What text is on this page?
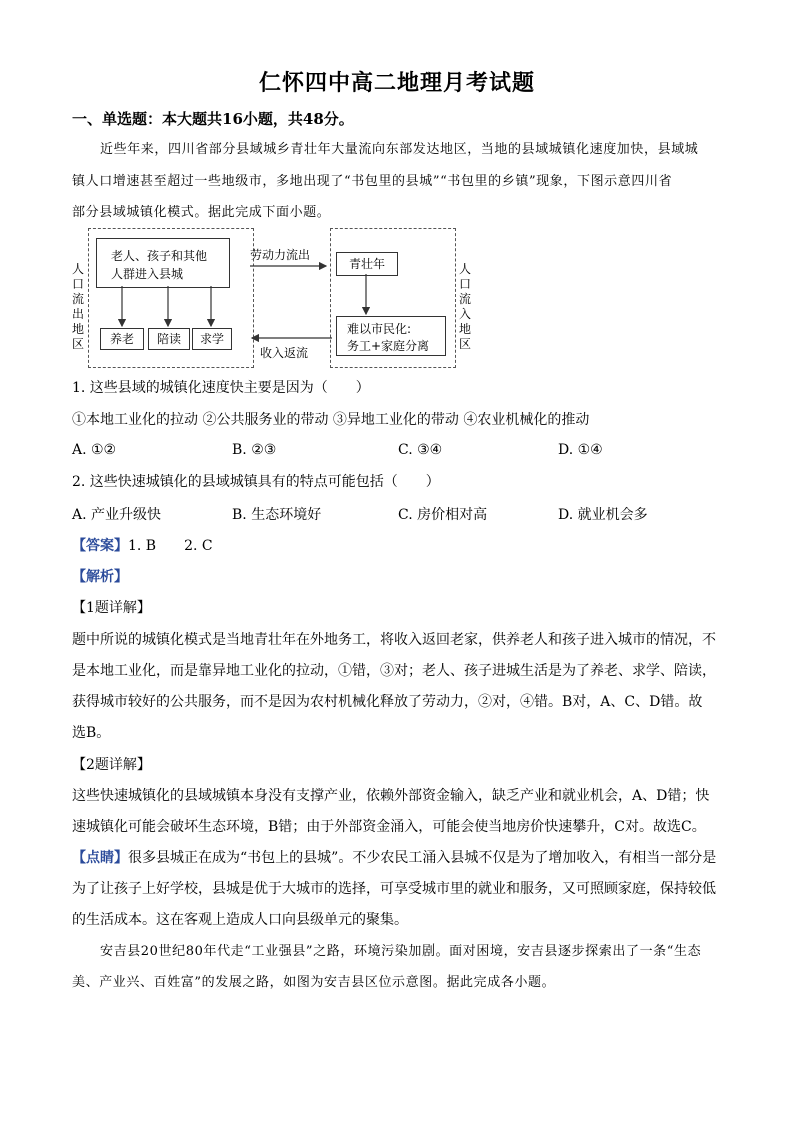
仁怀四中高二地理月考试题
一、单选题：本大题共16小题，共48分。
近些年来，四川省部分县域城乡青壮年大量流向东部发达地区，当地的县域城镇化速度加快，县域城
镇人口增速甚至超过一些地级市，多地出现了“书包里的县城”“书包里的乡镇”现象，下图示意四川省
部分县域城镇化模式。据此完成下面小题。
人
口
流
出
地
区
人
口
流
入
地
区
老人、孩子和其他
人群进入县城
养老	陪读	求学
青壮年
难以市民化:
务工+家庭分离
劳动力流出
收入返流
1. 这些县域的城镇化速度快主要是因为（　　）
①本地工业化的拉动 ②公共服务业的带动 ③异地工业化的带动 ④农业机械化的推动
A. ①②	B. ②③	C. ③④	D. ①④
2. 这些快速城镇化的县域城镇具有的特点可能包括（　　）
A. 产业升级快	B. 生态环境好	C. 房价相对高	D. 就业机会多
【答案】1. B　　2. C
【解析】
【1题详解】
题中所说的城镇化模式是当地青壮年在外地务工，将收入返回老家，供养老人和孩子进入城市的情况，不
是本地工业化，而是靠异地工业化的拉动，①错，③对；老人、孩子进城生活是为了养老、求学、陪读，
获得城市较好的公共服务，而不是因为农村机械化释放了劳动力，②对，④错。B对，A、C、D错。故
选B。
【2题详解】
这些快速城镇化的县域城镇本身没有支撑产业，依赖外部资金输入，缺乏产业和就业机会，A、D错；快
速城镇化可能会破坏生态环境，B错；由于外部资金涌入，可能会使当地房价快速攀升，C对。故选C。
【点睛】很多县城正在成为“书包上的县城”。不少农民工涌入县城不仅是为了增加收入，有相当一部分是
为了让孩子上好学校，县城是优于大城市的选择，可享受城市里的就业和服务，又可照顾家庭，保持较低
的生活成本。这在客观上造成人口向县级单元的聚集。
安吉县20世纪80年代走“工业强县”之路，环境污染加剧。面对困境，安吉县逐步探索出了一条“生态
美、产业兴、百姓富”的发展之路，如图为安吉县区位示意图。据此完成各小题。
